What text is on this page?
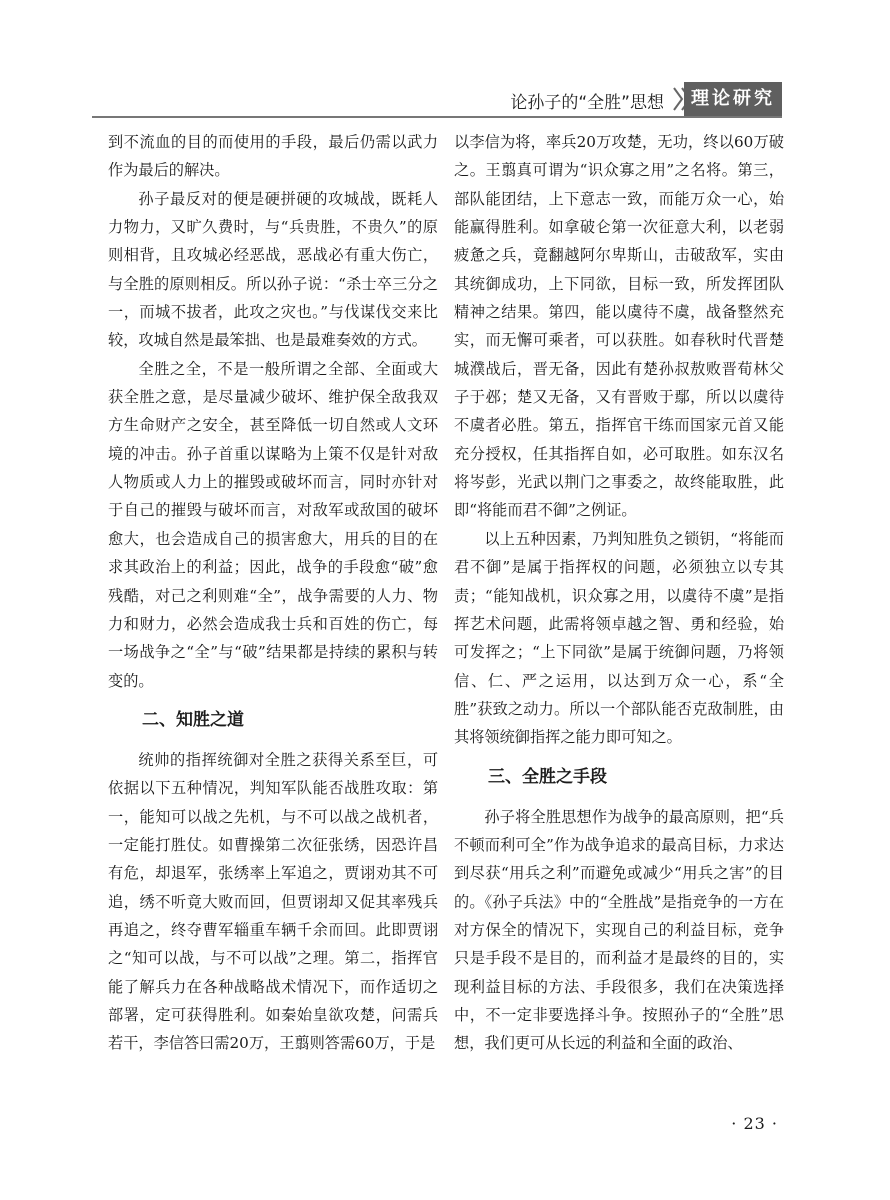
论孙子的“全胜”思想	理论研究

到不流血的目的而使用的手段，最后仍需以武力作为最后的解决。

孙子最反对的便是硬拼硬的攻城战，既耗人力物力，又旷久费时，与“兵贵胜，不贵久”的原则相背，且攻城必经恶战，恶战必有重大伤亡，与全胜的原则相反。所以孙子说：“杀士卒三分之一，而城不拔者，此攻之灾也。”与伐谋伐交来比较，攻城自然是最笨拙、也是最难奏效的方式。

全胜之全，不是一般所谓之全部、全面或大获全胜之意，是尽量减少破坏、维护保全敌我双方生命财产之安全，甚至降低一切自然或人文环境的冲击。孙子首重以谋略为上策不仅是针对敌人物质或人力上的摧毁或破坏而言，同时亦针对于自己的摧毁与破坏而言，对敌军或敌国的破坏愈大，也会造成自己的损害愈大，用兵的目的在求其政治上的利益；因此，战争的手段愈“破”愈残酷，对己之利则难“全”，战争需要的人力、物力和财力，必然会造成我士兵和百姓的伤亡，每一场战争之“全”与“破”结果都是持续的累积与转变的。

二、知胜之道

统帅的指挥统御对全胜之获得关系至巨，可依据以下五种情况，判知军队能否战胜攻取：第一，能知可以战之先机，与不可以战之战机者，一定能打胜仗。如曹操第二次征张绣，因恐许昌有危，却退军，张绣率上军追之，贾诩劝其不可追，绣不听竟大败而回，但贾诩却又促其率残兵再追之，终夺曹军辎重车辆千余而回。此即贾诩之“知可以战，与不可以战”之理。第二，指挥官能了解兵力在各种战略战术情况下，而作适切之部署，定可获得胜利。如秦始皇欲攻楚，问需兵若干，李信答曰需20万，王翦则答需60万，于是

以李信为将，率兵20万攻楚，无功，终以60万破之。王翦真可谓为“识众寡之用”之名将。第三，部队能团结，上下意志一致，而能万众一心，始能赢得胜利。如拿破仑第一次征意大利，以老弱疲惫之兵，竟翻越阿尔卑斯山，击破敌军，实由其统御成功，上下同欲，目标一致，所发挥团队精神之结果。第四，能以虞待不虞，战备整然充实，而无懈可乘者，可以获胜。如春秋时代晋楚城濮战后，晋无备，因此有楚孙叔敖败晋荀林父子于邲；楚又无备，又有晋败于鄢，所以以虞待不虞者必胜。第五，指挥官干练而国家元首又能充分授权，任其指挥自如，必可取胜。如东汉名将岑彭，光武以荆门之事委之，故终能取胜，此即“将能而君不御”之例证。

以上五种因素，乃判知胜负之锁钥，“将能而君不御”是属于指挥权的问题，必须独立以专其责；“能知战机，识众寡之用，以虞待不虞”是指挥艺术问题，此需将领卓越之智、勇和经验，始可发挥之；“上下同欲”是属于统御问题，乃将领信、仁、严之运用，以达到万众一心，系“全胜”获致之动力。所以一个部队能否克敌制胜，由其将领统御指挥之能力即可知之。

三、全胜之手段

孙子将全胜思想作为战争的最高原则，把“兵不顿而利可全”作为战争追求的最高目标，力求达到尽获“用兵之利”而避免或减少“用兵之害”的目的。《孙子兵法》中的“全胜战”是指竞争的一方在对方保全的情况下，实现自己的利益目标，竞争只是手段不是目的，而利益才是最终的目的，实现利益目标的方法、手段很多，我们在决策选择中，不一定非要选择斗争。按照孙子的“全胜”思想，我们更可从长远的利益和全面的政治、

· 23 ·
